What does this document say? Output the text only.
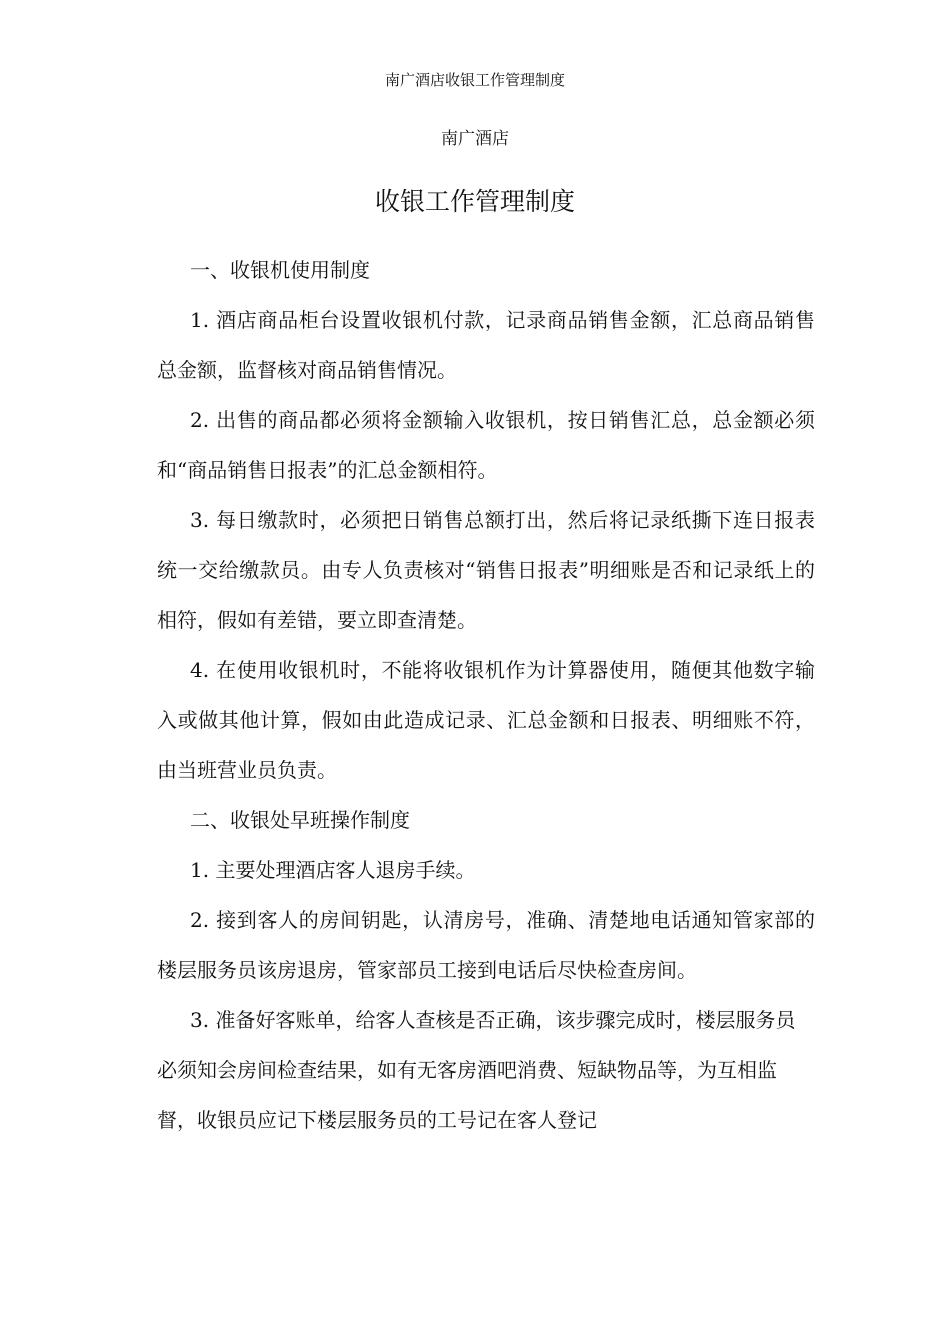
南广酒店收银工作管理制度
南广酒店
收银工作管理制度

一、收银机使用制度

1. 酒店商品柜台设置收银机付款，记录商品销售金额，汇总商品销售总金额，监督核对商品销售情况。

2. 出售的商品都必须将金额输入收银机，按日销售汇总，总金额必须和“商品销售日报表”的汇总金额相符。

3. 每日缴款时，必须把日销售总额打出，然后将记录纸撕下连日报表统一交给缴款员。由专人负责核对“销售日报表”明细账是否和记录纸上的相符，假如有差错，要立即查清楚。

4. 在使用收银机时，不能将收银机作为计算器使用，随便其他数字输入或做其他计算，假如由此造成记录、汇总金额和日报表、明细账不符，由当班营业员负责。

二、收银处早班操作制度

1. 主要处理酒店客人退房手续。

2. 接到客人的房间钥匙，认清房号，准确、清楚地电话通知管家部的楼层服务员该房退房，管家部员工接到电话后尽快检查房间。

3. 准备好客账单，给客人查核是否正确，该步骤完成时，楼层服务员必须知会房间检查结果，如有无客房酒吧消费、短缺物品等，为互相监督，收银员应记下楼层服务员的工号记在客人登记
